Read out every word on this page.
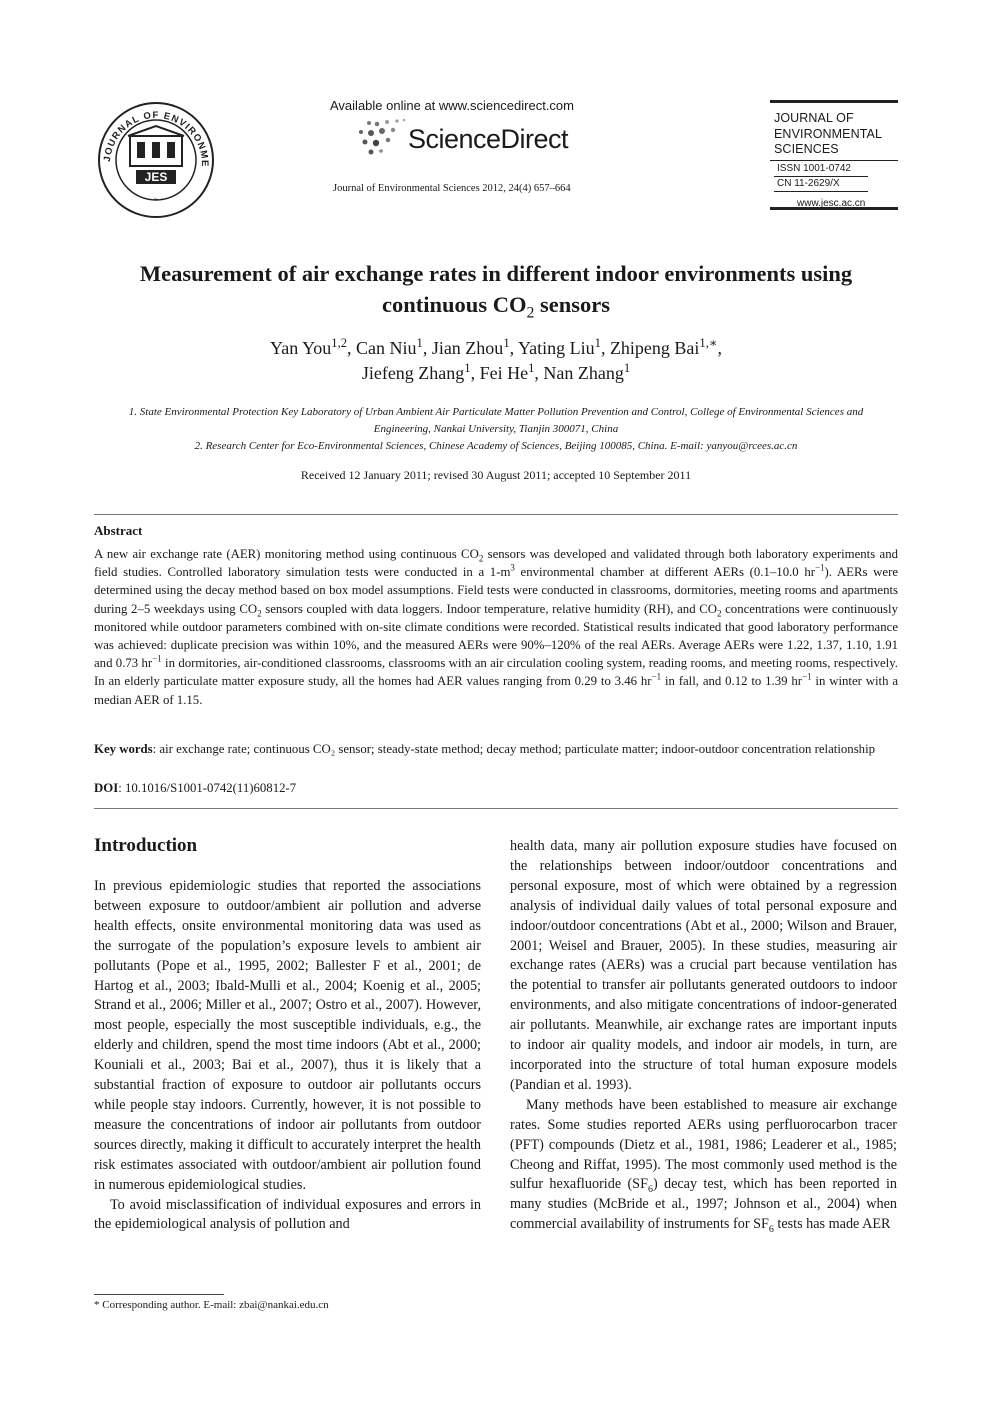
JOURNAL OF ENVIRONME
JES
~ ~ ~
Available online at www.sciencedirect.com
ScienceDirect
Journal of Environmental Sciences 2012, 24(4) 657–664
JOURNAL OF
ENVIRONMENTAL
SCIENCES
ISSN 1001-0742
CN 11-2629/X
www.jesc.ac.cn
Measurement of air exchange rates in different indoor environments using
continuous $CO_2$ sensors
Yan You$^{1,2}$, Can Niu$^1$, Jian Zhou$^1$, Yating Liu$^1$, Zhipeng Bai$^{1,∗}$,
Jiefeng Zhang$^1$, Fei He$^1$, Nan Zhang$^1$
1. State Environmental Protection Key Laboratory of Urban Ambient Air Particulate Matter Pollution Prevention and Control, College of Environmental Sciences and Engineering, Nankai University, Tianjin 300071, China
2. Research Center for Eco-Environmental Sciences, Chinese Academy of Sciences, Beijing 100085, China. E-mail: yanyou@rcees.ac.cn
Received 12 January 2011; revised 30 August 2011; accepted 10 September 2011
Abstract
A new air exchange rate (AER) monitoring method using continuous $CO_2$ sensors was developed and validated through both laboratory experiments and field studies. Controlled laboratory simulation tests were conducted in a $1-m^3$ environmental chamber at different AERs (0.1–10.0 $hr^{-1}$). AERs were determined using the decay method based on box model assumptions. Field tests were conducted in classrooms, dormitories, meeting rooms and apartments during 2–5 weekdays using $CO_2$ sensors coupled with data loggers. Indoor temperature, relative humidity (RH), and $CO_2$ concentrations were continuously monitored while outdoor parameters combined with on-site climate conditions were recorded. Statistical results indicated that good laboratory performance was achieved: duplicate precision was within 10%, and the measured AERs were 90%–120% of the real AERs. Average AERs were 1.22, 1.37, 1.10, 1.91 and 0.73 $hr^{-1}$ in dormitories, air-conditioned classrooms, classrooms with an air circulation cooling system, reading rooms, and meeting rooms, respectively. In an elderly particulate matter exposure study, all the homes had AER values ranging from 0.29 to 3.46 $hr^{-1}$ in fall, and 0.12 to 1.39 $hr^{-1}$ in winter with a median AER of 1.15.
Key words: air exchange rate; continuous CO₂ sensor; steady-state method; decay method; particulate matter; indoor-outdoor concentration relationship
DOI: 10.1016/S1001-0742(11)60812-7
Introduction

In previous epidemiologic studies that reported the associations between exposure to outdoor/ambient air pollution and adverse health effects, onsite environmental monitoring data was used as the surrogate of the population’s exposure levels to ambient air pollutants (Pope et al., 1995, 2002; Ballester F et al., 2001; de Hartog et al., 2003; Ibald-Mulli et al., 2004; Koenig et al., 2005; Strand et al., 2006; Miller et al., 2007; Ostro et al., 2007). However, most people, especially the most susceptible individuals, e.g., the elderly and children, spend the most time indoors (Abt et al., 2000; Kouniali et al., 2003; Bai et al., 2007), thus it is likely that a substantial fraction of exposure to outdoor air pollutants occurs while people stay indoors. Currently, however, it is not possible to measure the concentrations of indoor air pollutants from outdoor sources directly, making it difficult to accurately interpret the health risk estimates associated with outdoor/ambient air pollution found in numerous epidemiological studies.

To avoid misclassification of individual exposures and errors in the epidemiological analysis of pollution and

health data, many air pollution exposure studies have focused on the relationships between indoor/outdoor concentrations and personal exposure, most of which were obtained by a regression analysis of individual daily values of total personal exposure and indoor/outdoor concentrations (Abt et al., 2000; Wilson and Brauer, 2001; Weisel and Brauer, 2005). In these studies, measuring air exchange rates (AERs) was a crucial part because ventilation has the potential to transfer air pollutants generated outdoors to indoor environments, and also mitigate concentrations of indoor-generated air pollutants. Meanwhile, air exchange rates are important inputs to indoor air quality models, and indoor air models, in turn, are incorporated into the structure of total human exposure models (Pandian et al. 1993).

Many methods have been established to measure air exchange rates. Some studies reported AERs using perfluorocarbon tracer (PFT) compounds (Dietz et al., 1981, 1986; Leaderer et al., 1985; Cheong and Riffat, 1995). The most commonly used method is the sulfur hexafluoride $(SF_6)$ decay test, which has been reported in many studies (McBride et al., 1997; Johnson et al., 2004) when commercial availability of instruments for $SF_6$ tests has made AER

* Corresponding author. E-mail: zbai@nankai.edu.cn
